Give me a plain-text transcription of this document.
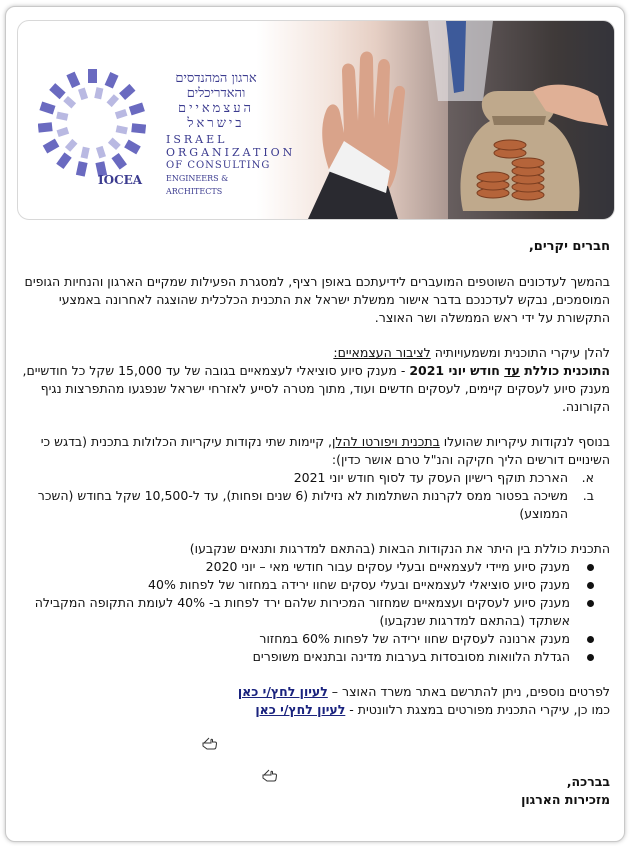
ארגון המהנדסים
והאדריכלים
העצמאיים
בישראל
ISRAEL
ORGANIZATION
OF CONSULTING
ENGINEERS & ARCHITECTS
IOCEA

חברים יקרים,

בהמשך לעדכונים השוטפים המועברים לידיעתכם באופן רציף, למסגרת הפעילות שמקיים הארגון והנחיות הגופים המוסמכים, נבקש לעדכנכם בדבר אישור ממשלת ישראל את התכנית הכלכלית שהוצגה לאחרונה באמצעי התקשורת על ידי ראש הממשלה ושר האוצר.

להלן עיקרי התוכנית ומשמעויותיה לציבור העצמאיים:

התוכנית כוללת עד חודש יוני 2021 - מענק סיוע סוציאלי לעצמאיים בגובה של עד 15,000 שקל כל חודשיים, מענק סיוע לעסקים קיימים, לעסקים חדשים ועוד, מתוך מטרה לסייע לאזרחי ישראל שנפגעו מהתפרצות נגיף הקורונה.

בנוסף לנקודות עיקריות שהועלו בתכנית ויפורטו להלן, קיימות שתי נקודות עיקריות הכלולות בתכנית (בדגש כי השינויים דורשים הליך חקיקה והנ"ל טרם אושר כדין):

א.
הארכת תוקף רישיון העסק עד לסוף חודש יוני 2021
ב.
משיכה בפטור ממס לקרנות השתלמות לא נזילות (6 שנים ופחות), עד ל-10,500 שקל בחודש (השכר הממוצע)

התכנית כוללת בין היתר את הנקודות הבאות (בהתאם למדרגות ותנאים שנקבעו)

מענק סיוע מיידי לעצמאיים ובעלי עסקים עבור חודשי מאי – יוני 2020
מענק סיוע סוציאלי לעצמאיים ובעלי עסקים שחוו ירידה במחזור של לפחות 40%
מענק סיוע לעסקים ועצמאיים שמחזור המכירות שלהם ירד לפחות ב- 40% לעומת התקופה המקבילה אשתקד (בהתאם למדרגות שנקבעו)
מענק ארנונה לעסקים שחוו ירידה של לפחות 60% במחזור
הגדלת הלוואות מסובסדות בערבות מדינה ובתנאים משופרים

לפרטים נוספים, ניתן להתרשם באתר משרד האוצר – לעיון לחץ/י כאן

כמו כן, עיקרי התכנית מפורטים במצגת רלוונטית - לעיון לחץ/י כאן

בברכה,

מזכירות הארגון
